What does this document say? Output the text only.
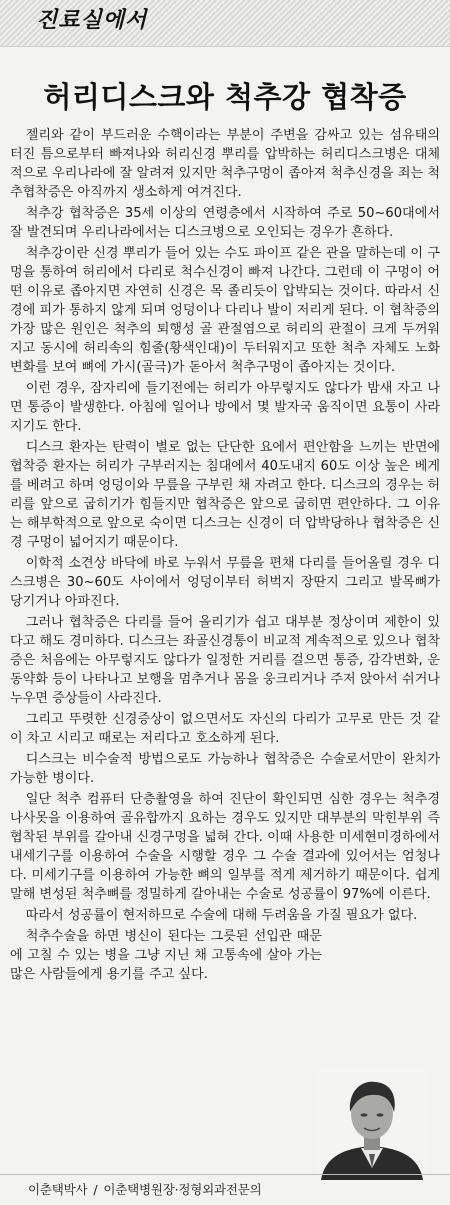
진료실에서
허리디스크와 척추강 협착증

젤리와 같이 부드러운 수핵이라는 부분이 주변을 감싸고 있는 섬유태의 터진 틈으로부터 빠져나와 허리신경 뿌리를 압박하는 허리디스크병은 대체적으로 우리나라에 잘 알려져 있지만 척추구멍이 좁아져 척추신경을 죄는 척추협착증은 아직까지 생소하게 여겨진다.

척추강 협착증은 35세 이상의 연령층에서 시작하여 주로 50~60대에서 잘 발견되며 우리나라에서는 디스크병으로 오인되는 경우가 흔하다.

척추강이란 신경 뿌리가 들어 있는 수도 파이프 같은 관을 말하는데 이 구멍을 통하여 허리에서 다리로 척수신경이 빠져 나간다. 그런데 이 구멍이 어떤 이유로 좁아지면 자연히 신경은 목 졸리듯이 압박되는 것이다. 따라서 신경에 피가 통하지 않게 되며 엉덩이나 다리나 발이 저리게 된다. 이 협착증의 가장 많은 원인은 척추의 퇴행성 골 관절염으로 허리의 관절이 크게 두꺼워지고 동시에 허리속의 힘줄(황색인대)이 두터워지고 또한 척추 자체도 노화 변화를 보여 뼈에 가시(골극)가 돋아서 척추구멍이 좁아지는 것이다.

이런 경우, 잠자리에 들기전에는 허리가 아무렇지도 않다가 밤새 자고 나면 통증이 발생한다. 아침에 일어나 방에서 몇 발자국 움직이면 요통이 사라지기도 한다.

디스크 환자는 탄력이 별로 없는 단단한 요에서 편안함을 느끼는 반면에 협착증 환자는 허리가 구부러지는 침대에서 40도내지 60도 이상 높은 베게를 베려고 하며 엉덩이와 무릎을 구부린 채 자려고 한다. 디스크의 경우는 허리를 앞으로 굽히기가 힘들지만 협착증은 앞으로 굽히면 편안하다. 그 이유는 해부학적으로 앞으로 숙이면 디스크는 신경이 더 압박당하나 협착증은 신경 구멍이 넓어지기 때문이다.

이학적 소견상 바닥에 바로 누워서 무릎을 편채 다리를 들어올릴 경우 디스크병은 30~60도 사이에서 엉덩이부터 허벅지 장딴지 그리고 발목뼈가 당기거나 아파진다.

그러나 협착증은 다리를 들어 올리기가 쉽고 대부분 정상이며 제한이 있다고 해도 경미하다. 디스크는 좌골신경통이 비교적 계속적으로 있으나 협착증은 처음에는 아무렇지도 않다가 일정한 거리를 걸으면 통증, 감각변화, 운동약화 등이 나타나고 보행을 멈추거나 몸을 웅크리거나 주저 앉아서 쉬거나 누우면 증상들이 사라진다.

그리고 뚜렷한 신경증상이 없으면서도 자신의 다리가 고무로 만든 것 같이 차고 시리고 때로는 저리다고 호소하게 된다.

디스크는 비수술적 방법으로도 가능하나 협착증은 수술로서만이 완치가 가능한 병이다.

일단 척추 컴퓨터 단층촬영을 하여 진단이 확인되면 심한 경우는 척추경 나사못을 이용하여 골유합까지 요하는 경우도 있지만 대부분의 막힌부위 즉 협착된 부위를 갈아내 신경구멍을 넓혀 간다. 이때 사용한 미세현미경하에서 내세기구를 이용하여 수술을 시행할 경우 그 수술 결과에 있어서는 엄청나다. 미세기구를 이용하여 가능한 뼈의 일부를 적게 제거하기 때문이다. 쉽게 말해 변성된 척추뼈를 정밀하게 갈아내는 수술로 성공률이 97%에 이른다.

따라서 성공률이 현저하므로 수술에 대해 두려움을 가질 필요가 없다.

척추수술을 하면 병신이 된다는 그릇된 선입관 때문에 고칠 수 있는 병을 그냥 지닌 채 고통속에 살아 가는 많은 사람들에게 용기를 주고 싶다.

이춘택박사 / 이춘택병원장·정형외과전문의
